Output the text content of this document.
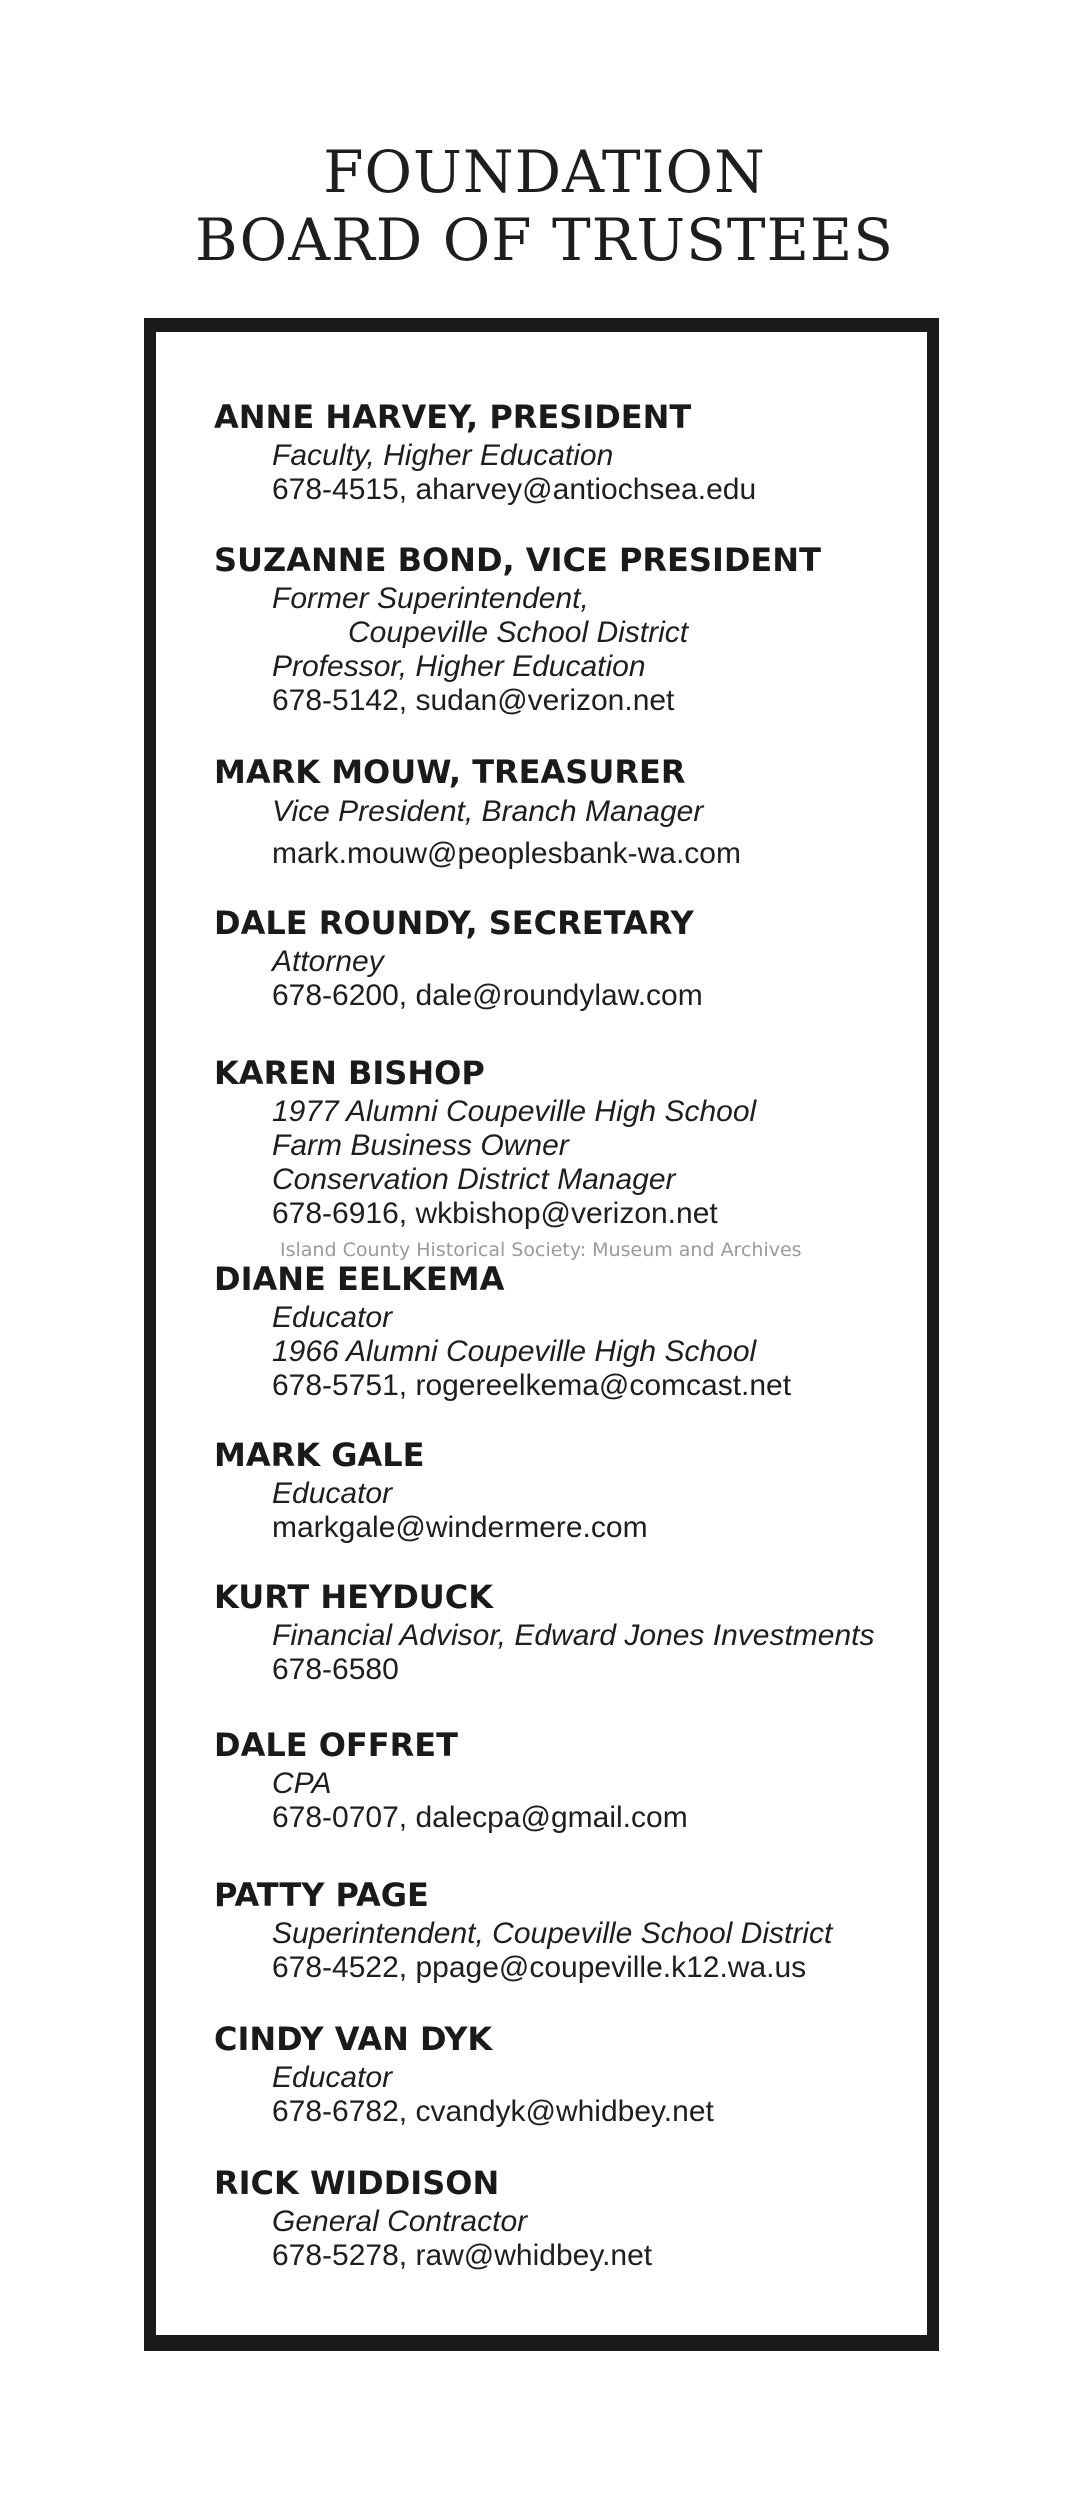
FOUNDATION
BOARD OF TRUSTEES
ANNE HARVEY, PRESIDENT
Faculty, Higher Education
678-4515, aharvey@antiochsea.edu
SUZANNE BOND, VICE PRESIDENT
Former Superintendent,
Coupeville School District
Professor, Higher Education
678-5142, sudan@verizon.net
MARK MOUW, TREASURER
Vice President, Branch Manager
mark.mouw@peoplesbank-wa.com
DALE ROUNDY, SECRETARY
Attorney
678-6200, dale@roundylaw.com
KAREN BISHOP
1977 Alumni Coupeville High School
Farm Business Owner
Conservation District Manager
678-6916, wkbishop@verizon.net
DIANE EELKEMA
Educator
1966 Alumni Coupeville High School
678-5751, rogereelkema@comcast.net
MARK GALE
Educator
markgale@windermere.com
KURT HEYDUCK
Financial Advisor, Edward Jones Investments
678-6580
DALE OFFRET
CPA
678-0707, dalecpa@gmail.com
PATTY PAGE
Superintendent, Coupeville School District
678-4522, ppage@coupeville.k12.wa.us
CINDY VAN DYK
Educator
678-6782, cvandyk@whidbey.net
RICK WIDDISON
General Contractor
678-5278, raw@whidbey.net
Island County Historical Society: Museum and Archives
